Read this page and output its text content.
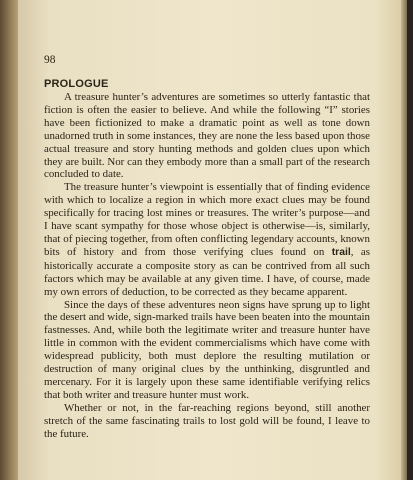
98
PROLOGUE

A treasure hunter’s adventures are sometimes so utterly fantastic that fiction is often the easier to believe. And while the following “I” stories have been fictionized to make a dramatic point as well as tone down unadorned truth in some instances, they are none the less based upon those actual treasure and story hunting methods and golden clues upon which they are built. Nor can they embody more than a small part of the research concluded to date.

The treasure hunter’s viewpoint is essentially that of finding evidence with which to localize a region in which more exact clues may be found specifically for tracing lost mines or treasures. The writer’s purpose—and I have scant sympathy for those whose object is otherwise—is, similarly, that of piecing together, from often conflicting legendary accounts, known bits of history and from those verifying clues found on trail, as historically accurate a composite story as can be contrived from all such factors which may be available at any given time. I have, of course, made my own errors of deduction, to be corrected as they became apparent.

Since the days of these adventures neon signs have sprung up to light the desert and wide, sign-marked trails have been beaten into the mountain fastnesses. And, while both the legitimate writer and treasure hunter have little in common with the evident commercialisms which have come with widespread publicity, both must deplore the resulting mutilation or destruction of many original clues by the unthinking, disgruntled and mercenary. For it is largely upon these same identifiable verifying relics that both writer and treasure hunter must work.

Whether or not, in the far-reaching regions beyond, still another stretch of the same fascinating trails to lost gold will be found, I leave to the future.
